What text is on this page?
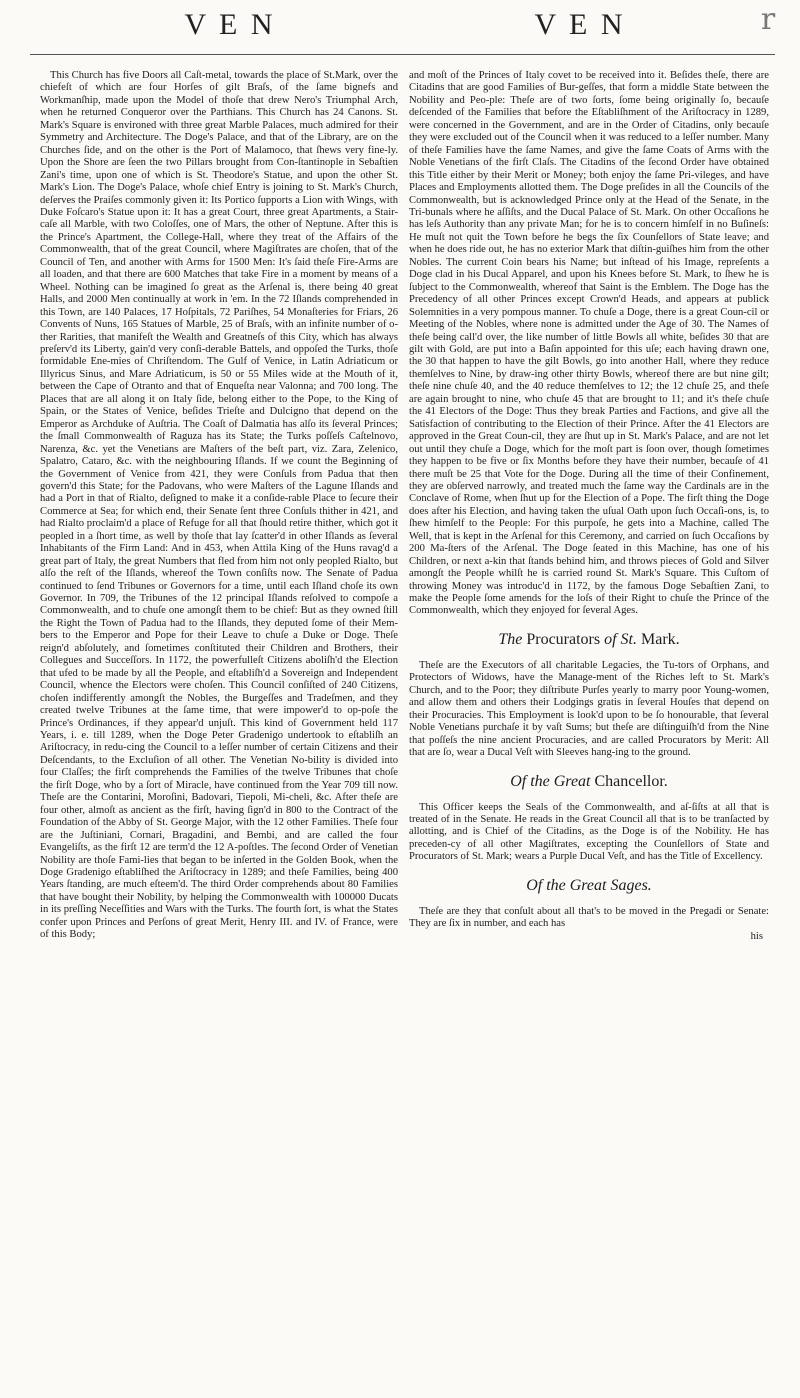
r
V E N	V E N

This Church has five Doors all Caſt-metal, towards the place of St.Mark, over the chiefeſt of which are four Horſes of gilt Braſs, of the ſame bignefs and Workmanſhip, made upon the Model of thoſe that drew Nero's Triumphal Arch, when he returned Conqueror over the Parthians. This Church has 24 Canons. St. Mark's Square is environed with three great Marble Palaces, much admired for their Symmetry and Architecture. The Doge's Palace, and that of the Library, are on the Churches ſide, and on the other is the Port of Malamoco, that ſhews very fine-ly. Upon the Shore are ſeen the two Pillars brought from Con-ſtantinople in Sebaſtien Zani's time, upon one of which is St. Theodore's Statue, and upon the other St. Mark's Lion. The Doge's Palace, whoſe chief Entry is joining to St. Mark's Church, deſerves the Praiſes commonly given it: Its Portico ſupports a Lion with Wings, with Duke Foſcaro's Statue upon it: It has a great Court, three great Apartments, a Stair-caſe all Marble, with two Coloſſes, one of Mars, the other of Neptune. After this is the Prince's Apartment, the College-Hall, where they treat of the Affairs of the Commonwealth, that of the great Council, where Magiſtrates are choſen, that of the Council of Ten, and another with Arms for 1500 Men: It's ſaid theſe Fire-Arms are all loaden, and that there are 600 Matches that take Fire in a moment by means of a Wheel. Nothing can be imagined ſo great as the Arſenal is, there being 40 great Halls, and 2000 Men continually at work in 'em. In the 72 Iſlands comprehended in this Town, are 140 Palaces, 17 Hoſpitals, 72 Pariſhes, 54 Monaſteries for Friars, 26 Convents of Nuns, 165 Statues of Marble, 25 of Braſs, with an infinite number of o-ther Rarities, that manifeſt the Wealth and Greatneſs of this City, which has always preſerv'd its Liberty, gain'd very conſi-derable Battels, and oppoſed the Turks, thoſe formidable Ene-mies of Chriſtendom. The Gulf of Venice, in Latin Adriaticum or Illyricus Sinus, and Mare Adriaticum, is 50 or 55 Miles wide at the Mouth of it, between the Cape of Otranto and that of Enqueſta near Valonna; and 700 long. The Places that are all along it on Italy ſide, belong either to the Pope, to the King of Spain, or the States of Venice, beſides Trieſte and Dulcigno that depend on the Emperor as Archduke of Auſtria. The Coaſt of Dalmatia has alſo its ſeveral Princes; the ſmall Commonwealth of Raguza has its State; the Turks poſſeſs Caſtelnovo, Narenza, &c. yet the Venetians are Maſters of the beſt part, viz. Zara, Zelenico, Spalatro, Cataro, &c. with the neighbouring Iſlands. If we count the Beginning of the Government of Venice from 421, they were Conſuls from Padua that then govern'd this State; for the Padovans, who were Maſters of the Lagune Iſlands and had a Port in that of Rialto, deſigned to make it a conſide-rable Place to ſecure their Commerce at Sea; for which end, their Senate ſent three Conſuls thither in 421, and had Rialto proclaim'd a place of Refuge for all that ſhould retire thither, which got it peopled in a ſhort time, as well by thoſe that lay ſcatter'd in other Iſlands as ſeveral Inhabitants of the Firm Land: And in 453, when Attila King of the Huns ravag'd a great part of Italy, the great Numbers that fled from him not only peopled Rialto, but alſo the reſt of the Iſlands, whereof the Town conſiſts now. The Senate of Padua continued to ſend Tribunes or Governors for a time, until each Iſland choſe its own Governor. In 709, the Tribunes of the 12 principal Iſlands reſolved to compoſe a Commonwealth, and to chuſe one amongſt them to be chief: But as they owned ſtill the Right the Town of Padua had to the Iſlands, they deputed ſome of their Mem-bers to the Emperor and Pope for their Leave to chuſe a Duke or Doge. Theſe reign'd abſolutely, and ſometimes conſtituted their Children and Brothers, their Collegues and Succeſſors. In 1172, the powerfulleſt Citizens aboliſh'd the Election that ufed to be made by all the People, and eſtabliſh'd a Sovereign and Independent Council, whence the Electors were choſen. This Council conſiſted of 240 Citizens, choſen indifferently amongſt the Nobles, the Burgeſſes and Tradeſmen, and they created twelve Tribunes at the ſame time, that were impower'd to op-poſe the Prince's Ordinances, if they appear'd unjuſt. This kind of Government held 117 Years, i. e. till 1289, when the Doge Peter Gradenigo undertook to eſtabliſh an Ariſtocracy, in redu-cing the Council to a leſſer number of certain Citizens and their Deſcendants, to the Excluſion of all other. The Venetian No-bility is divided into four Claſſes; the firſt comprehends the Families of the twelve Tribunes that choſe the firſt Doge, who by a ſort of Miracle, have continued from the Year 709 till now. Theſe are the Contarini, Moroſini, Badovari, Tiepoli, Mi-cheli, &c. After theſe are four other, almoſt as ancient as the firſt, having ſign'd in 800 to the Contract of the Foundation of the Abby of St. George Major, with the 12 other Families. Theſe four are the Juſtiniani, Cornari, Bragadini, and Bembi, and are called the four Evangeliſts, as the firſt 12 are term'd the 12 A-poſtles. The ſecond Order of Venetian Nobility are thoſe Fami-lies that began to be inſerted in the Golden Book, when the Doge Gradenigo eſtabliſhed the Ariſtocracy in 1289; and theſe Families, being 400 Years ſtanding, are much eſteem'd. The third Order comprehends about 80 Families that have bought their Nobility, by helping the Commonwealth with 100000 Ducats in its preſſing Neceſſities and Wars with the Turks. The fourth ſort, is what the States confer upon Princes and Perſons of great Merit, Henry III. and IV. of France, were of this Body;

and moſt of the Princes of Italy covet to be received into it. Beſides theſe, there are Citadins that are good Families of Bur-geſſes, that form a middle State between the Nobility and Peo-ple: Theſe are of two ſorts, ſome being originally ſo, becauſe deſcended of the Families that before the Eſtabliſhment of the Ariſtocracy in 1289, were concerned in the Government, and are in the Order of Citadins, only becauſe they were excluded out of the Council when it was reduced to a leſſer number. Many of theſe Families have the ſame Names, and give the ſame Coats of Arms with the Noble Venetians of the firſt Claſs. The Citadins of the ſecond Order have obtained this Title either by their Merit or Money; both enjoy the ſame Pri-vileges, and have Places and Employments allotted them. The Doge preſides in all the Councils of the Commonwealth, but is acknowledged Prince only at the Head of the Senate, in the Tri-bunals where he aſſiſts, and the Ducal Palace of St. Mark. On other Occaſions he has leſs Authority than any private Man; for he is to concern himſelf in no Buſineſs: He muſt not quit the Town before he begs the ſix Counſellors of State leave; and when he does ride out, he has no exterior Mark that diſtin-guiſhes him from the other Nobles. The current Coin bears his Name; but inſtead of his Image, repreſents a Doge clad in his Ducal Apparel, and upon his Knees before St. Mark, to ſhew he is ſubject to the Commonwealth, whereof that Saint is the Emblem. The Doge has the Precedency of all other Princes except Crown'd Heads, and appears at publick Solemnities in a very pompous manner. To chuſe a Doge, there is a great Coun-cil or Meeting of the Nobles, where none is admitted under the Age of 30. The Names of theſe being call'd over, the like number of little Bowls all white, beſides 30 that are gilt with Gold, are put into a Baſin appointed for this uſe; each having drawn one, the 30 that happen to have the gilt Bowls, go into another Hall, where they reduce themſelves to Nine, by draw-ing other thirty Bowls, whereof there are but nine gilt; theſe nine chuſe 40, and the 40 reduce themſelves to 12; the 12 chuſe 25, and theſe are again brought to nine, who chuſe 45 that are brought to 11; and it's theſe chuſe the 41 Electors of the Doge: Thus they break Parties and Factions, and give all the Satisfaction of contributing to the Election of their Prince. After the 41 Electors are approved in the Great Coun-cil, they are ſhut up in St. Mark's Palace, and are not let out until they chuſe a Doge, which for the moſt part is ſoon over, though ſometimes they happen to be five or ſix Months before they have their number, becauſe of 41 there muſt be 25 that Vote for the Doge. During all the time of their Confinement, they are obſerved narrowly, and treated much the ſame way the Cardinals are in the Conclave of Rome, when ſhut up for the Election of a Pope. The firſt thing the Doge does after his Election, and having taken the uſual Oath upon ſuch Occaſi-ons, is, to ſhew himſelf to the People: For this purpoſe, he gets into a Machine, called The Well, that is kept in the Arſenal for this Ceremony, and carried on ſuch Occaſions by 200 Ma-ſters of the Arſenal. The Doge ſeated in this Machine, has one of his Children, or next a-kin that ſtands behind him, and throws pieces of Gold and Silver amongſt the People whilſt he is carried round St. Mark's Square. This Cuſtom of throwing Money was introduc'd in 1172, by the famous Doge Sebaſtien Zani, to make the People ſome amends for the loſs of their Right to chuſe the Prince of the Commonwealth, which they enjoyed for ſeveral Ages.

The Procurators of St. Mark.

Theſe are the Executors of all charitable Legacies, the Tu-tors of Orphans, and Protectors of Widows, have the Manage-ment of the Riches left to St. Mark's Church, and to the Poor; they diſtribute Purſes yearly to marry poor Young-women, and allow them and others their Lodgings gratis in ſeveral Houſes that depend on their Procuracies. This Employment is look'd upon to be ſo honourable, that ſeveral Noble Venetians purchaſe it by vaſt Sums; but theſe are diſtinguiſh'd from the Nine that poſſeſs the nine ancient Procuracies, and are called Procurators by Merit: All that are ſo, wear a Ducal Veſt with Sleeves hang-ing to the ground.

Of the Great Chancellor.

This Officer keeps the Seals of the Commonwealth, and aſ-ſiſts at all that is treated of in the Senate. He reads in the Great Council all that is to be tranſacted by allotting, and is Chief of the Citadins, as the Doge is of the Nobility. He has preceden-cy of all other Magiſtrates, excepting the Counſellors of State and Procurators of St. Mark; wears a Purple Ducal Veſt, and has the Title of Excellency.

Of the Great Sages.

Theſe are they that conſult about all that's to be moved in the Pregadi or Senate: They are ſix in number, and each has

his
